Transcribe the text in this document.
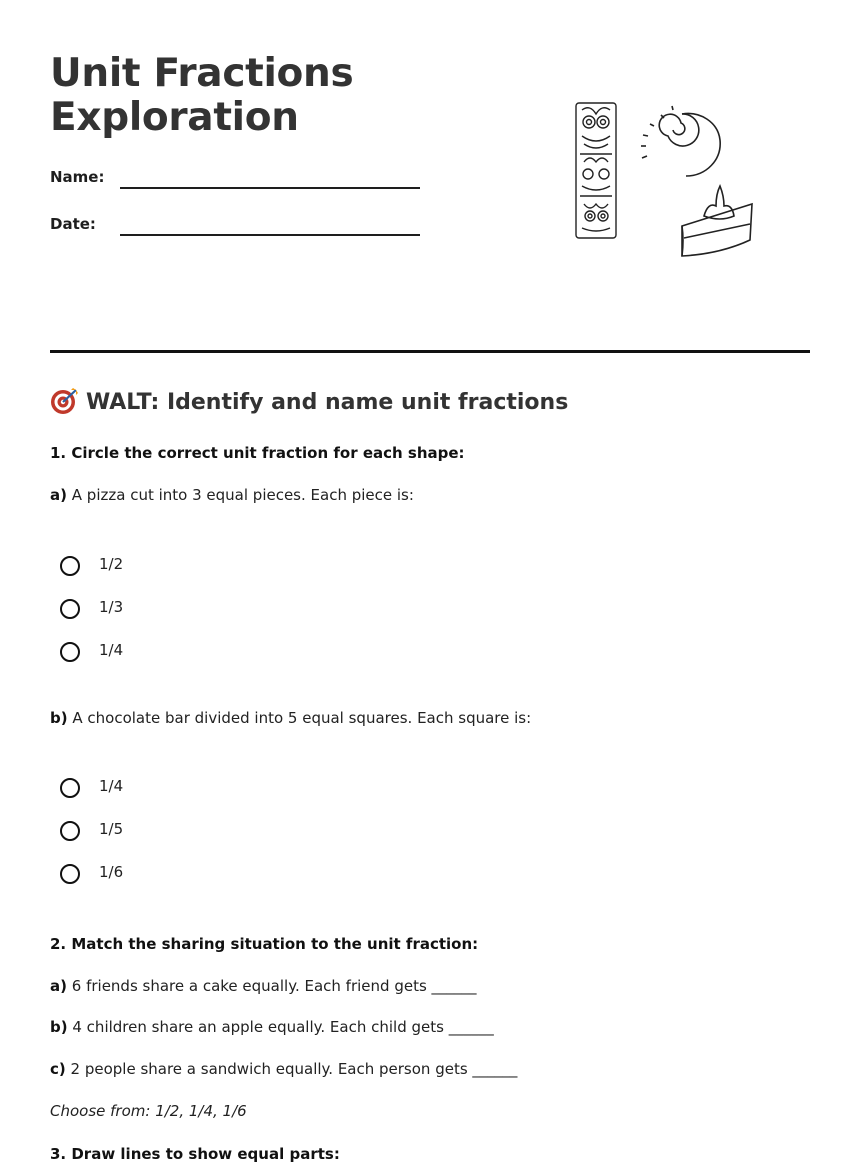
Unit Fractions
Exploration
Name:
Date:
WALT: Identify and name unit fractions
1. Circle the correct unit fraction for each shape:
a) A pizza cut into 3 equal pieces. Each piece is:
1/2
1/3
1/4
b) A chocolate bar divided into 5 equal squares. Each square is:
1/4
1/5
1/6
2. Match the sharing situation to the unit fraction:
a) 6 friends share a cake equally. Each friend gets ______
b) 4 children share an apple equally. Each child gets ______
c) 2 people share a sandwich equally. Each person gets ______
Choose from: 1/2, 1/4, 1/6
3. Draw lines to show equal parts:
